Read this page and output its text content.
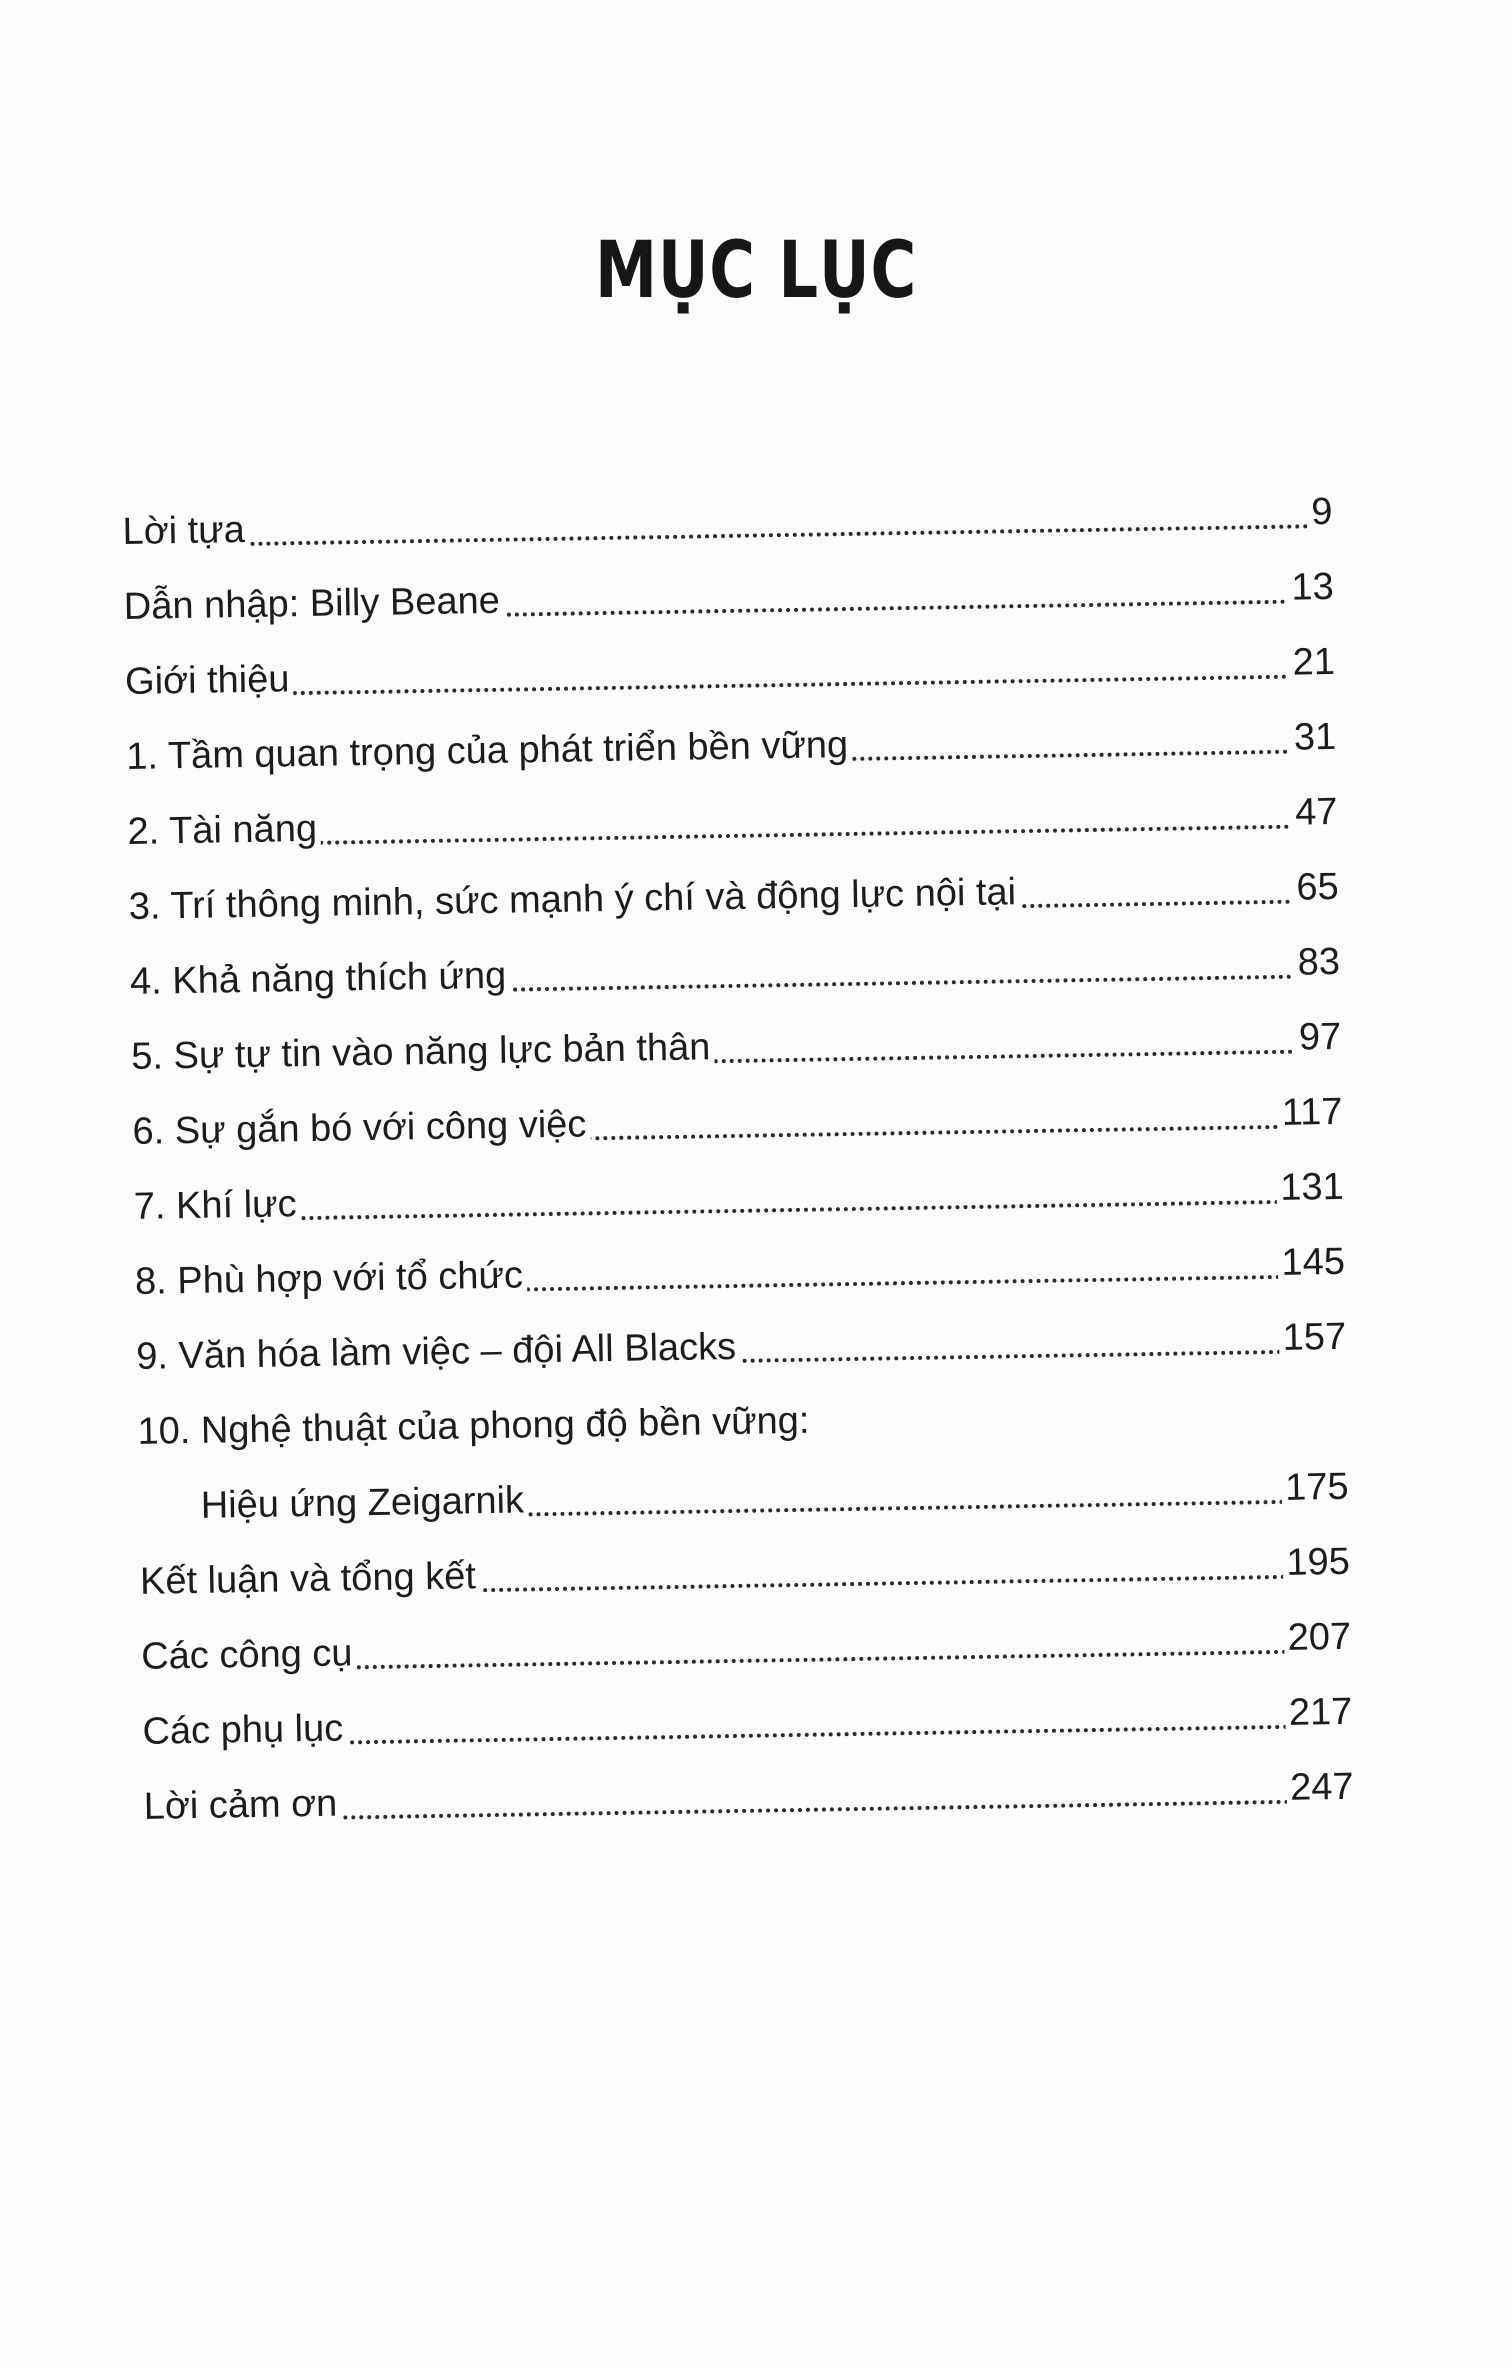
MỤC LỤC
Lời tựa	9
Dẫn nhập: Billy Beane	13
Giới thiệu	21
1. Tầm quan trọng của phát triển bền vững	31
2. Tài năng	47
3. Trí thông minh, sức mạnh ý chí và động lực nội tại	65
4. Khả năng thích ứng	83
5. Sự tự tin vào năng lực bản thân	97
6. Sự gắn bó với công việc	117
7. Khí lực	131
8. Phù hợp với tổ chức	145
9. Văn hóa làm việc – đội All Blacks	157
10. Nghệ thuật của phong độ bền vững:
Hiệu ứng Zeigarnik	175
Kết luận và tổng kết	195
Các công cụ	207
Các phụ lục	217
Lời cảm ơn	247
